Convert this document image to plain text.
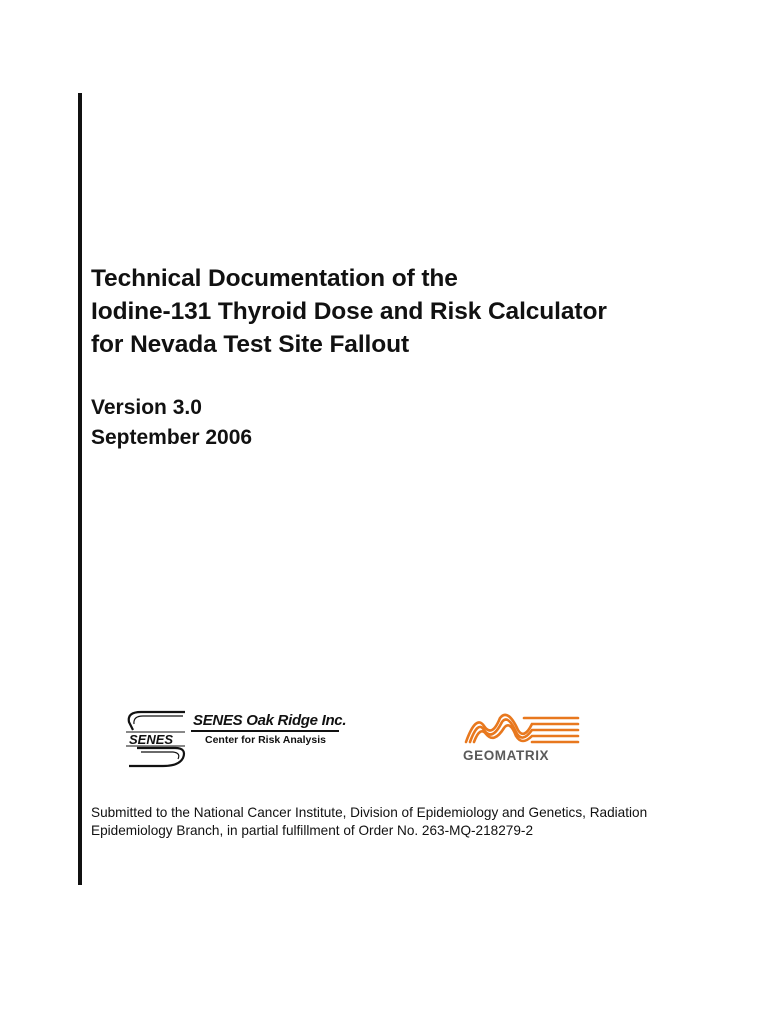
Technical Documentation of the
Iodine-131 Thyroid Dose and Risk Calculator
for Nevada Test Site Fallout
Version 3.0
September 2006
SENES
SENES Oak Ridge Inc.
Center for Risk Analysis
GEOMATRIX
Submitted to the National Cancer Institute, Division of Epidemiology and Genetics, Radiation
Epidemiology Branch, in partial fulfillment of Order No. 263-MQ-218279-2
